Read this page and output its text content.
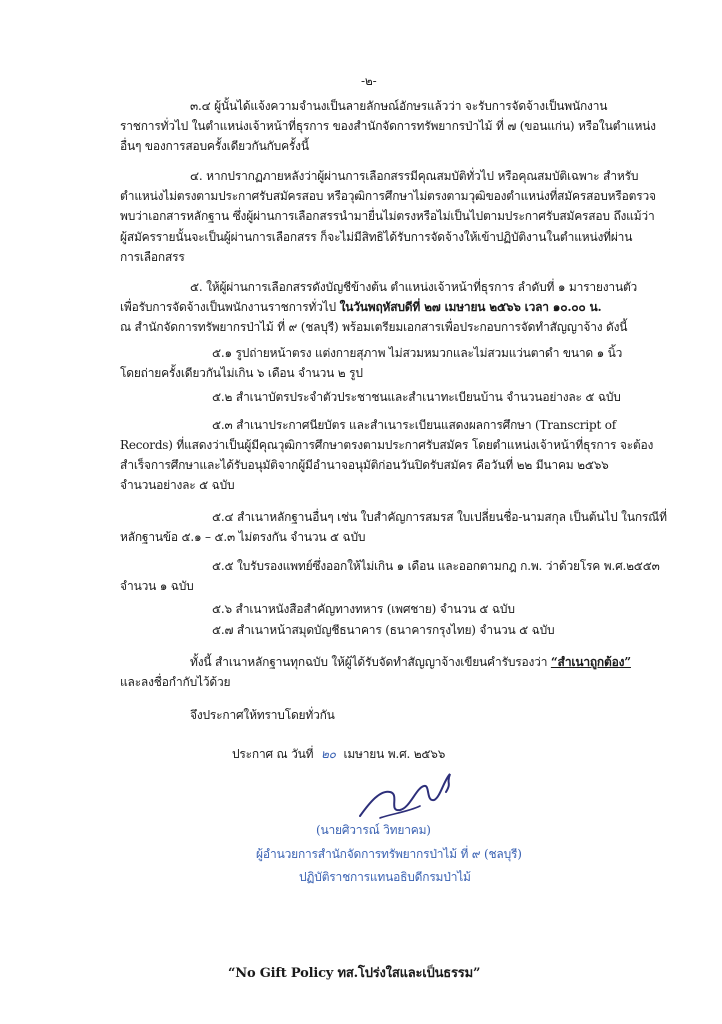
-๒-
๓.๔ ผู้นั้นได้แจ้งความจำนงเป็นลายลักษณ์อักษรแล้วว่า จะรับการจัดจ้างเป็นพนักงาน
ราชการทั่วไป ในตำแหน่งเจ้าหน้าที่ธุรการ ของสำนักจัดการทรัพยากรป่าไม้ ที่ ๗ (ขอนแก่น) หรือในตำแหน่ง
อื่นๆ ของการสอบครั้งเดียวกันกับครั้งนี้
๔. หากปรากฏภายหลังว่าผู้ผ่านการเลือกสรรมีคุณสมบัติทั่วไป หรือคุณสมบัติเฉพาะ สำหรับ
ตำแหน่งไม่ตรงตามประกาศรับสมัครสอบ หรือวุฒิการศึกษาไม่ตรงตามวุฒิของตำแหน่งที่สมัครสอบหรือตรวจ
พบว่าเอกสารหลักฐาน ซึ่งผู้ผ่านการเลือกสรรนำมายื่นไม่ตรงหรือไม่เป็นไปตามประกาศรับสมัครสอบ ถึงแม้ว่า
ผู้สมัครรายนั้นจะเป็นผู้ผ่านการเลือกสรร ก็จะไม่มีสิทธิได้รับการจัดจ้างให้เข้าปฏิบัติงานในตำแหน่งที่ผ่าน
การเลือกสรร
๕. ให้ผู้ผ่านการเลือกสรรดังบัญชีข้างต้น ตำแหน่งเจ้าหน้าที่ธุรการ ลำดับที่ ๑ มารายงานตัว
เพื่อรับการจัดจ้างเป็นพนักงานราชการทั่วไป ในวันพฤหัสบดีที่ ๒๗ เมษายน ๒๕๖๖ เวลา ๑๐.๐๐ น.
ณ สำนักจัดการทรัพยากรป่าไม้ ที่ ๙ (ชลบุรี) พร้อมเตรียมเอกสารเพื่อประกอบการจัดทำสัญญาจ้าง ดังนี้
๕.๑ รูปถ่ายหน้าตรง แต่งกายสุภาพ ไม่สวมหมวกและไม่สวมแว่นตาดำ ขนาด ๑ นิ้ว
โดยถ่ายครั้งเดียวกันไม่เกิน ๖ เดือน จำนวน ๒ รูป
๕.๒ สำเนาบัตรประจำตัวประชาชนและสำเนาทะเบียนบ้าน จำนวนอย่างละ ๕ ฉบับ
๕.๓ สำเนาประกาศนียบัตร และสำเนาระเบียนแสดงผลการศึกษา (Transcript of
Records) ที่แสดงว่าเป็นผู้มีคุณวุฒิการศึกษาตรงตามประกาศรับสมัคร โดยตำแหน่งเจ้าหน้าที่ธุรการ จะต้อง
สำเร็จการศึกษาและได้รับอนุมัติจากผู้มีอำนาจอนุมัติก่อนวันปิดรับสมัคร คือวันที่ ๒๒ มีนาคม ๒๕๖๖
จำนวนอย่างละ ๕ ฉบับ
๕.๔ สำเนาหลักฐานอื่นๆ เช่น ใบสำคัญการสมรส ใบเปลี่ยนชื่อ-นามสกุล เป็นต้นไป ในกรณีที่
หลักฐานข้อ ๕.๑ – ๕.๓ ไม่ตรงกัน จำนวน ๕ ฉบับ
๕.๕ ใบรับรองแพทย์ซึ่งออกให้ไม่เกิน ๑ เดือน และออกตามกฎ ก.พ. ว่าด้วยโรค พ.ศ.๒๕๕๓
จำนวน ๑ ฉบับ
๕.๖ สำเนาหนังสือสำคัญทางทหาร (เพศชาย) จำนวน ๕ ฉบับ
๕.๗ สำเนาหน้าสมุดบัญชีธนาคาร (ธนาคารกรุงไทย) จำนวน ๕ ฉบับ
ทั้งนี้ สำเนาหลักฐานทุกฉบับ ให้ผู้ได้รับจัดทำสัญญาจ้างเขียนคำรับรองว่า “สำเนาถูกต้อง”
และลงชื่อกำกับไว้ด้วย
จึงประกาศให้ทราบโดยทั่วกัน
ประกาศ ณ วันที่ ๒๐ เมษายน พ.ศ. ๒๕๖๖
(นายศิวารณ์ วิทยาคม)
ผู้อำนวยการสำนักจัดการทรัพยากรป่าไม้ ที่ ๙ (ชลบุรี)
ปฏิบัติราชการแทนอธิบดีกรมป่าไม้
“No Gift Policy ทส.โปร่งใสและเป็นธรรม”
